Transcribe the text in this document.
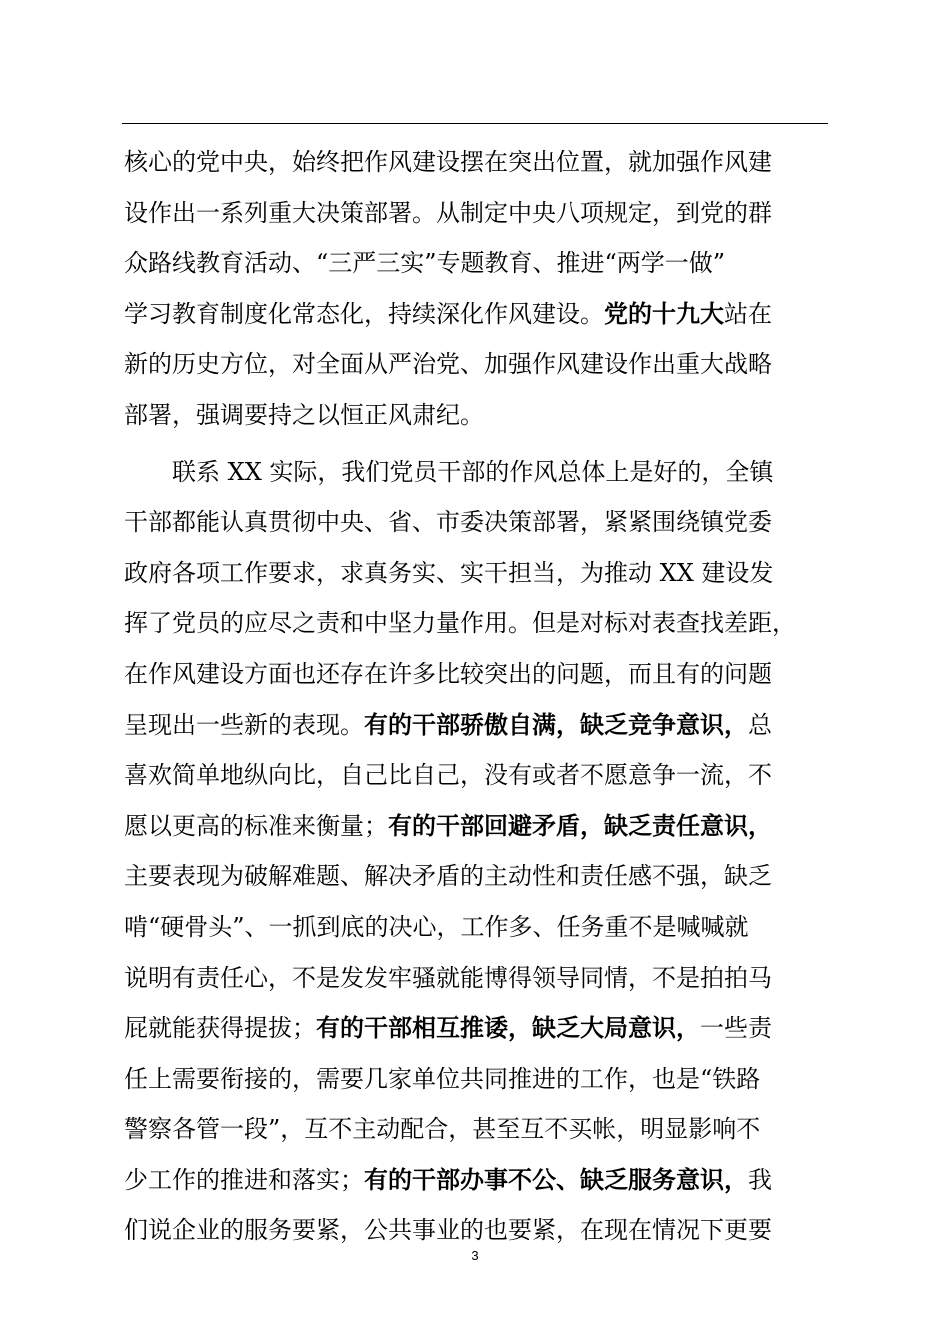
核心的党中央，始终把作风建设摆在突出位置，就加强作风建
设作出一系列重大决策部署。从制定中央八项规定，到党的群
众路线教育活动、“三严三实”专题教育、推进“两学一做”
学习教育制度化常态化，持续深化作风建设。党的十九大站在
新的历史方位，对全面从严治党、加强作风建设作出重大战略
部署，强调要持之以恒正风肃纪。
　　联系 XX 实际，我们党员干部的作风总体上是好的，全镇
干部都能认真贯彻中央、省、市委决策部署，紧紧围绕镇党委
政府各项工作要求，求真务实、实干担当，为推动 XX 建设发
挥了党员的应尽之责和中坚力量作用。但是对标对表查找差距，
在作风建设方面也还存在许多比较突出的问题，而且有的问题
呈现出一些新的表现。有的干部骄傲自满，缺乏竞争意识，总
喜欢简单地纵向比，自己比自己，没有或者不愿意争一流，不
愿以更高的标准来衡量；有的干部回避矛盾，缺乏责任意识，
主要表现为破解难题、解决矛盾的主动性和责任感不强，缺乏
啃“硬骨头”、一抓到底的决心，工作多、任务重不是喊喊就
说明有责任心，不是发发牢骚就能博得领导同情，不是拍拍马
屁就能获得提拔；有的干部相互推诿，缺乏大局意识，一些责
任上需要衔接的，需要几家单位共同推进的工作，也是“铁路
警察各管一段”，互不主动配合，甚至互不买帐，明显影响不
少工作的推进和落实；有的干部办事不公、缺乏服务意识，我
们说企业的服务要紧，公共事业的也要紧，在现在情况下更要
3
